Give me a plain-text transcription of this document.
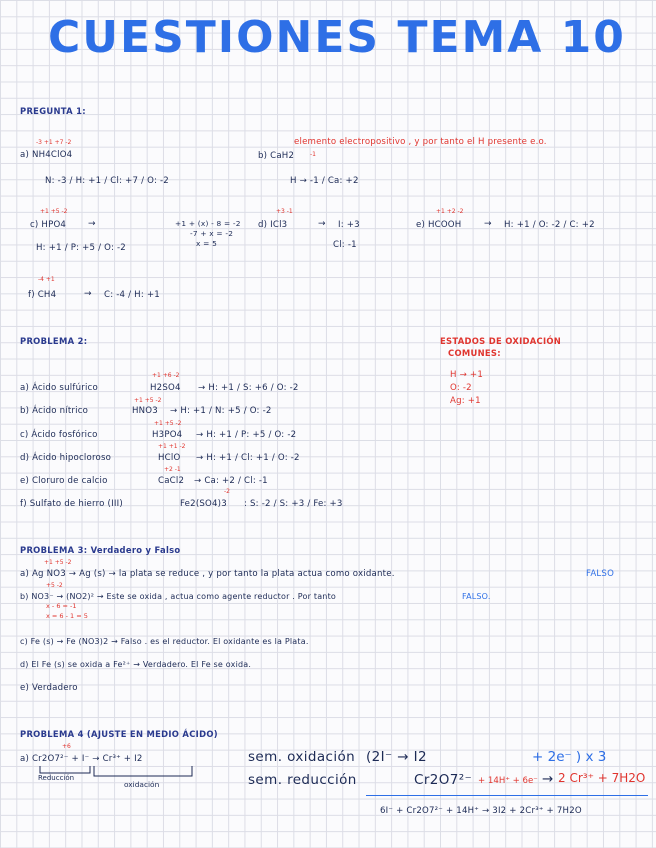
CUESTIONES TEMA 10
PREGUNTA 1:
-3 +1 +7 -2
a) NH4ClO4
N: -3 / H: +1 / Cl: +7 / O: -2
elemento electropositivo , y por tanto el H presente e.o.
-1
b) CaH2
H → -1 / Ca: +2
+1 +5 -2
c) HPO4 →	+1 + (x) - 8 = -2
-7 + x = -2
x = 5
H: +1 / P: +5 / O: -2
+3 -1
d) ICl3	→ I: +3
Cl: -1
+1 +2 -2
e) HCOOH	→ H: +1 / O: -2 / C: +2
-4 +1
f) CH4	→ C: -4 / H: +1
PROBLEMA 2:	ESTADOS DE OXIDACIÓN
COMUNES:
H → +1
O: -2
Ag: +1
+1 +6 -2
a) Ácido sulfúrico	H2SO4 → H: +1 / S: +6 / O: -2
+1 +5 -2
b) Ácido nítrico	HNO3 → H: +1 / N: +5 / O: -2
+1 +5 -2
c) Ácido fosfórico	H3PO4 → H: +1 / P: +5 / O: -2
+1 +1 -2
d) Ácido hipocloroso	HClO → H: +1 / Cl: +1 / O: -2
+2 -1
e) Cloruro de calcio	CaCl2 → Ca: +2 / Cl: -1
-2
f) Sulfato de hierro (III)	Fe2(SO4)3 : S: -2 / S: +3 / Fe: +3
PROBLEMA 3: Verdadero y Falso
+1 +5 -2
a) Ag NO3 → Ag (s) → la plata se reduce , y por tanto la plata actua como oxidante.	FALSO
+5 -2
b) NO3⁻ → (NO2)² → Este se oxida , actua como agente reductor . Por tanto	FALSO.
x - 6 = -1
x = 6 - 1 = 5
c) Fe (s) → Fe (NO3)2 → Falso . es el reductor. El oxidante es la Plata.
d) El Fe (s) se oxida a Fe²⁺ → Verdadero. El Fe se oxida.
e) Verdadero
PROBLEMA 4 (AJUSTE EN MEDIO ÁCIDO)
+6
a) Cr2O7²⁻ + I⁻ → Cr³⁺ + I2
Reducción
oxidación
sem. oxidación (2I⁻ → I2	+ 2e⁻ ) x 3
sem. reducción	Cr2O7²⁻ + 14H⁺ + 6e⁻ → 2 Cr³⁺ + 7H2O
6I⁻ + Cr2O7²⁻ + 14H⁺ → 3I2 + 2Cr³⁺ + 7H2O
